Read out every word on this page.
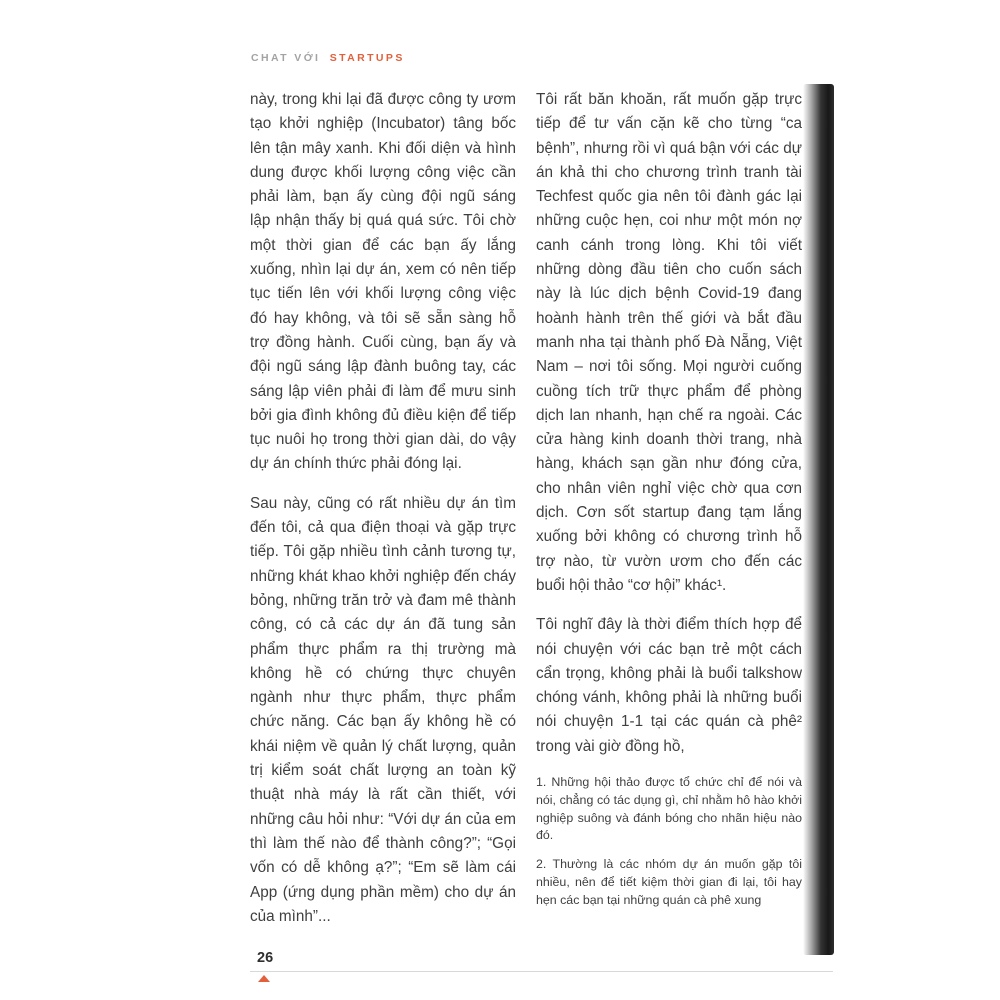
CHAT VỚI STARTUPS

này, trong khi lại đã được công ty ươm tạo khởi nghiệp (Incubator) tâng bốc lên tận mây xanh. Khi đối diện và hình dung được khối lượng công việc cần phải làm, bạn ấy cùng đội ngũ sáng lập nhận thấy bị quá quá sức. Tôi chờ một thời gian để các bạn ấy lắng xuống, nhìn lại dự án, xem có nên tiếp tục tiến lên với khối lượng công việc đó hay không, và tôi sẽ sẵn sàng hỗ trợ đồng hành. Cuối cùng, bạn ấy và đội ngũ sáng lập đành buông tay, các sáng lập viên phải đi làm để mưu sinh bởi gia đình không đủ điều kiện để tiếp tục nuôi họ trong thời gian dài, do vậy dự án chính thức phải đóng lại.

Sau này, cũng có rất nhiều dự án tìm đến tôi, cả qua điện thoại và gặp trực tiếp. Tôi gặp nhiều tình cảnh tương tự, những khát khao khởi nghiệp đến cháy bỏng, những trăn trở và đam mê thành công, có cả các dự án đã tung sản phẩm thực phẩm ra thị trường mà không hề có chứng thực chuyên ngành như thực phẩm, thực phẩm chức năng. Các bạn ấy không hề có khái niệm về quản lý chất lượng, quản trị kiểm soát chất lượng an toàn kỹ thuật nhà máy là rất cần thiết, với những câu hỏi như: “Với dự án của em thì làm thế nào để thành công?”; “Gọi vốn có dễ không ạ?”; “Em sẽ làm cái App (ứng dụng phần mềm) cho dự án của mình”...

Tôi rất băn khoăn, rất muốn gặp trực tiếp để tư vấn cặn kẽ cho từng “ca bệnh”, nhưng rồi vì quá bận với các dự án khả thi cho chương trình tranh tài Techfest quốc gia nên tôi đành gác lại những cuộc hẹn, coi như một món nợ canh cánh trong lòng. Khi tôi viết những dòng đầu tiên cho cuốn sách này là lúc dịch bệnh Covid-19 đang hoành hành trên thế giới và bắt đầu manh nha tại thành phố Đà Nẵng, Việt Nam – nơi tôi sống. Mọi người cuống cuồng tích trữ thực phẩm để phòng dịch lan nhanh, hạn chế ra ngoài. Các cửa hàng kinh doanh thời trang, nhà hàng, khách sạn gần như đóng cửa, cho nhân viên nghỉ việc chờ qua cơn dịch. Cơn sốt startup đang tạm lắng xuống bởi không có chương trình hỗ trợ nào, từ vườn ươm cho đến các buổi hội thảo “cơ hội” khác¹.

Tôi nghĩ đây là thời điểm thích hợp để nói chuyện với các bạn trẻ một cách cẩn trọng, không phải là buổi talkshow chóng vánh, không phải là những buổi nói chuyện 1-1 tại các quán cà phê² trong vài giờ đồng hồ,

1. Những hội thảo được tổ chức chỉ để nói và nói, chẳng có tác dụng gì, chỉ nhằm hô hào khởi nghiệp suông và đánh bóng cho nhãn hiệu nào đó.

2. Thường là các nhóm dự án muốn gặp tôi nhiều, nên để tiết kiệm thời gian đi lại, tôi hay hẹn các bạn tại những quán cà phê xung

26
